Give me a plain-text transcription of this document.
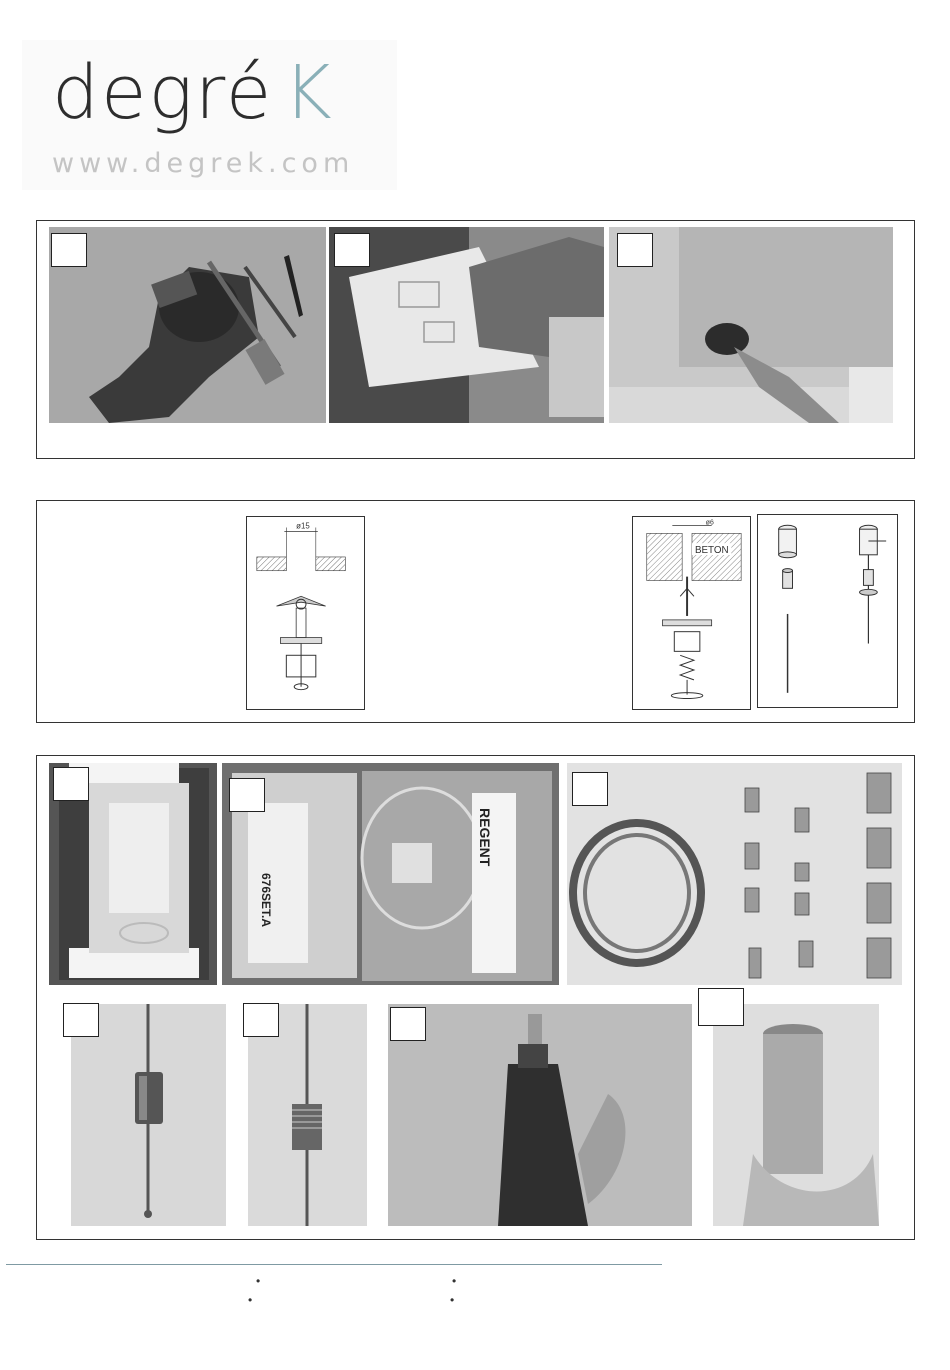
degré K
www.degrek.com
ø15	ø6
BETON
676SET.A
REGENT
•	•
•	•
